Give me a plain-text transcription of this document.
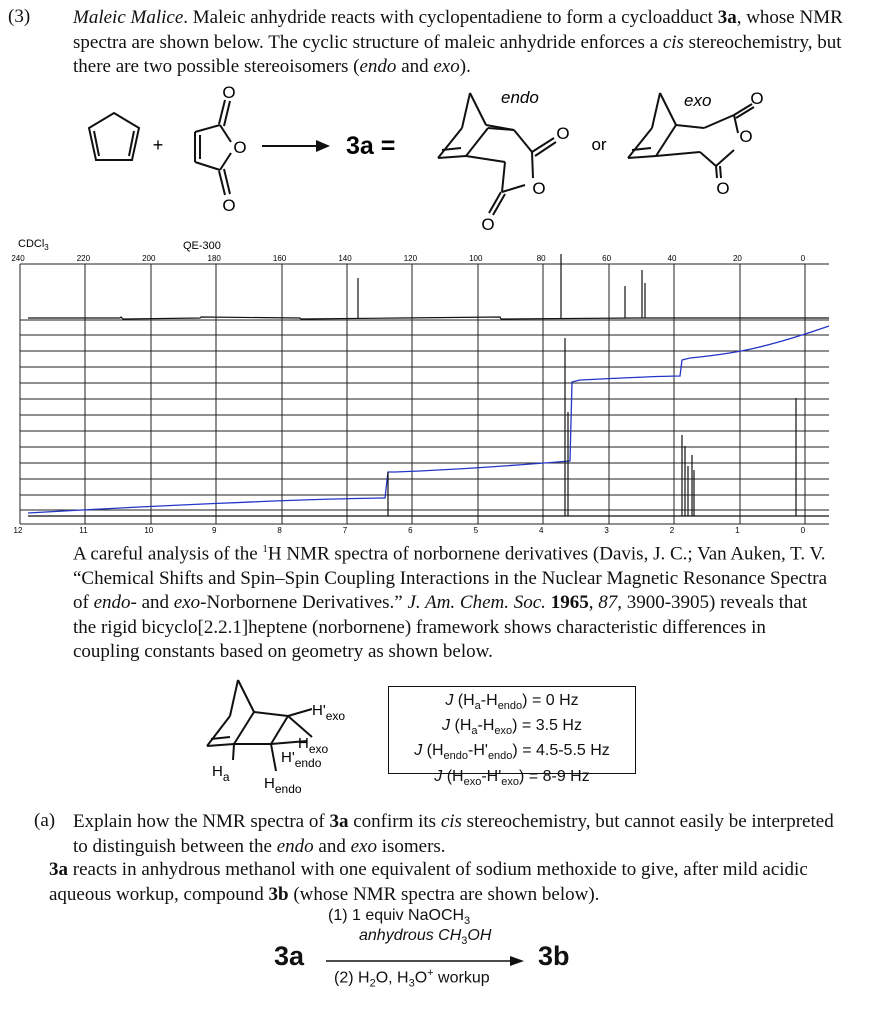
(3) Maleic Malice. Maleic anhydride reacts with cyclopentadiene to form a cycloadduct 3a, whose NMR spectra are shown below. The cyclic structure of maleic anhydride enforces a cis stereochemistry, but there are two possible stereoisomers (endo and exo).
+	O
O
O
3a =
endo
O
O
O
or
exo O
O
O
240	220	200	180	160	140	120	100	80	60	40	20	0
12	11	10	9	8	7	6	5	4	3	2	1	0
CDCl$_3$	QE-300
A careful analysis of the $^1$H NMR spectra of norbornene derivatives (Davis, J. C.; Van Auken, T. V. “Chemical Shifts and Spin–Spin Coupling Interactions in the Nuclear Magnetic Resonance Spectra of endo- and exo-Norbornene Derivatives.” J. Am. Chem. Soc. 1965, 87, 3900-3905) reveals that the rigid bicyclo[2.2.1]heptene (norbornene) framework shows characteristic differences in coupling constants based on geometry as shown below.
$H'_{exo}$
$H_{exo}$
$H'_{endo}$
$H_a$ $H_{endo}$
J $(H_a-H_{endo}) = 0$ Hz
J $(H_a-H_{exo}) = 3.5$ Hz
J $(H_{endo}-H'_{endo}) = 4.5-5.5$ Hz
J $(H_{exo}-H'_{exo}) = 8-9$ Hz
(a) Explain how the NMR spectra of 3a confirm its cis stereochemistry, but cannot easily be interpreted to distinguish between the endo and exo isomers.
3a reacts in anhydrous methanol with one equivalent of sodium methoxide to give, after mild acidic aqueous workup, compound 3b (whose NMR spectra are shown below).
3a	3b
(1) 1 equiv NaOCH$_3$
anhydrous $CH_3OH$
(2) $H_2O$, $H_3O^+$ workup
